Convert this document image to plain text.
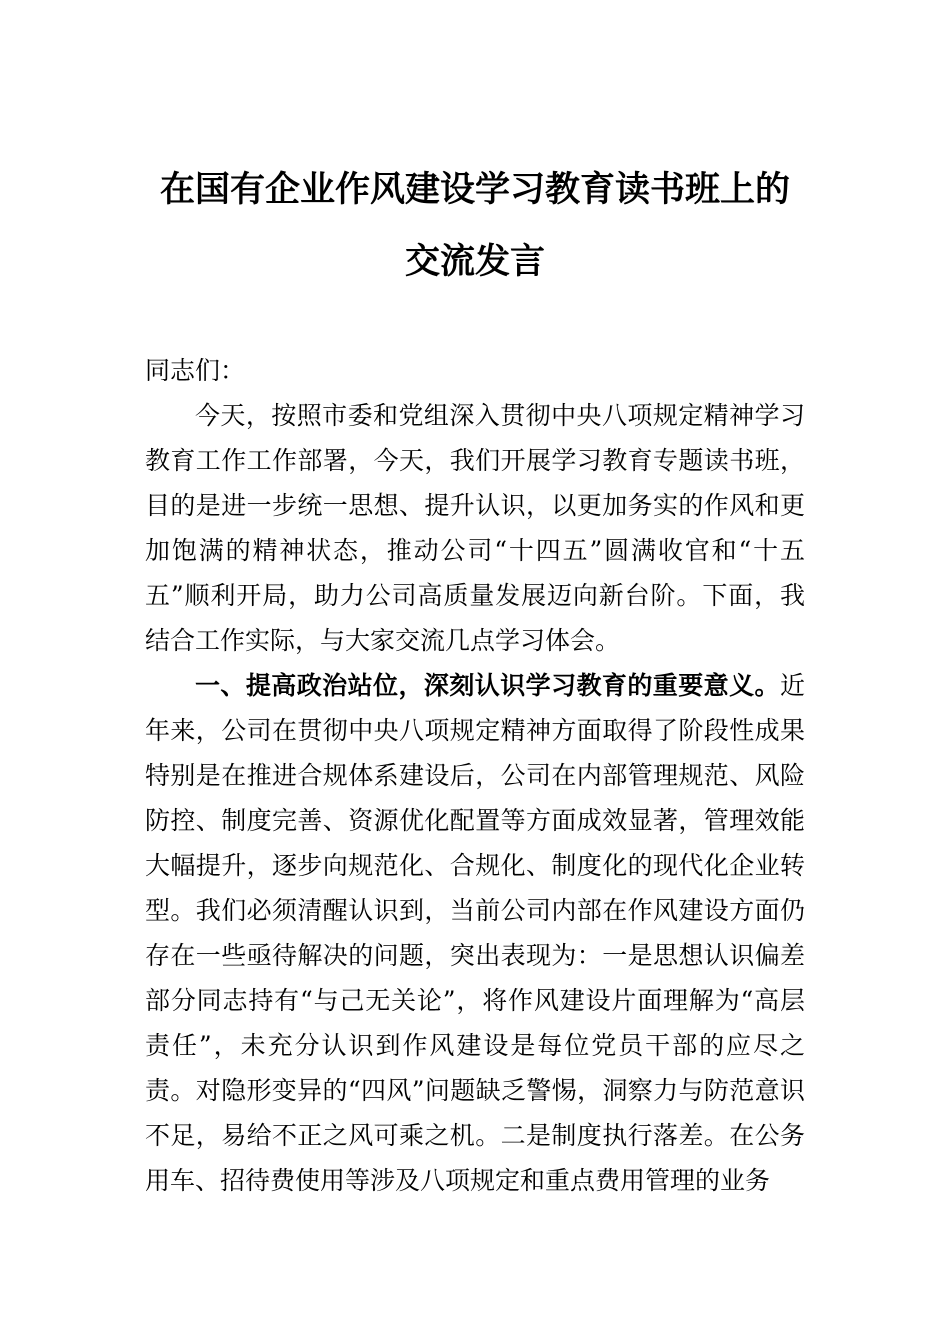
在国有企业作风建设学习教育读书班上的交流发言

同志们：

今天，按照市委和党组深入贯彻中央八项规定精神学习教育工作工作部署，今天，我们开展学习教育专题读书班，目的是进一步统一思想、提升认识，以更加务实的作风和更加饱满的精神状态，推动公司“十四五”圆满收官和“十五五”顺利开局，助力公司高质量发展迈向新台阶。下面，我结合工作实际，与大家交流几点学习体会。

一、提高政治站位，深刻认识学习教育的重要意义。近年来，公司在贯彻中央八项规定精神方面取得了阶段性成果特别是在推进合规体系建设后，公司在内部管理规范、风险防控、制度完善、资源优化配置等方面成效显著，管理效能大幅提升，逐步向规范化、合规化、制度化的现代化企业转型。我们必须清醒认识到，当前公司内部在作风建设方面仍存在一些亟待解决的问题，突出表现为：一是思想认识偏差部分同志持有“与己无关论”，将作风建设片面理解为“高层责任”，未充分认识到作风建设是每位党员干部的应尽之责。对隐形变异的“四风”问题缺乏警惕，洞察力与防范意识不足，易给不正之风可乘之机。二是制度执行落差。在公务用车、招待费使用等涉及八项规定和重点费用管理的业务
